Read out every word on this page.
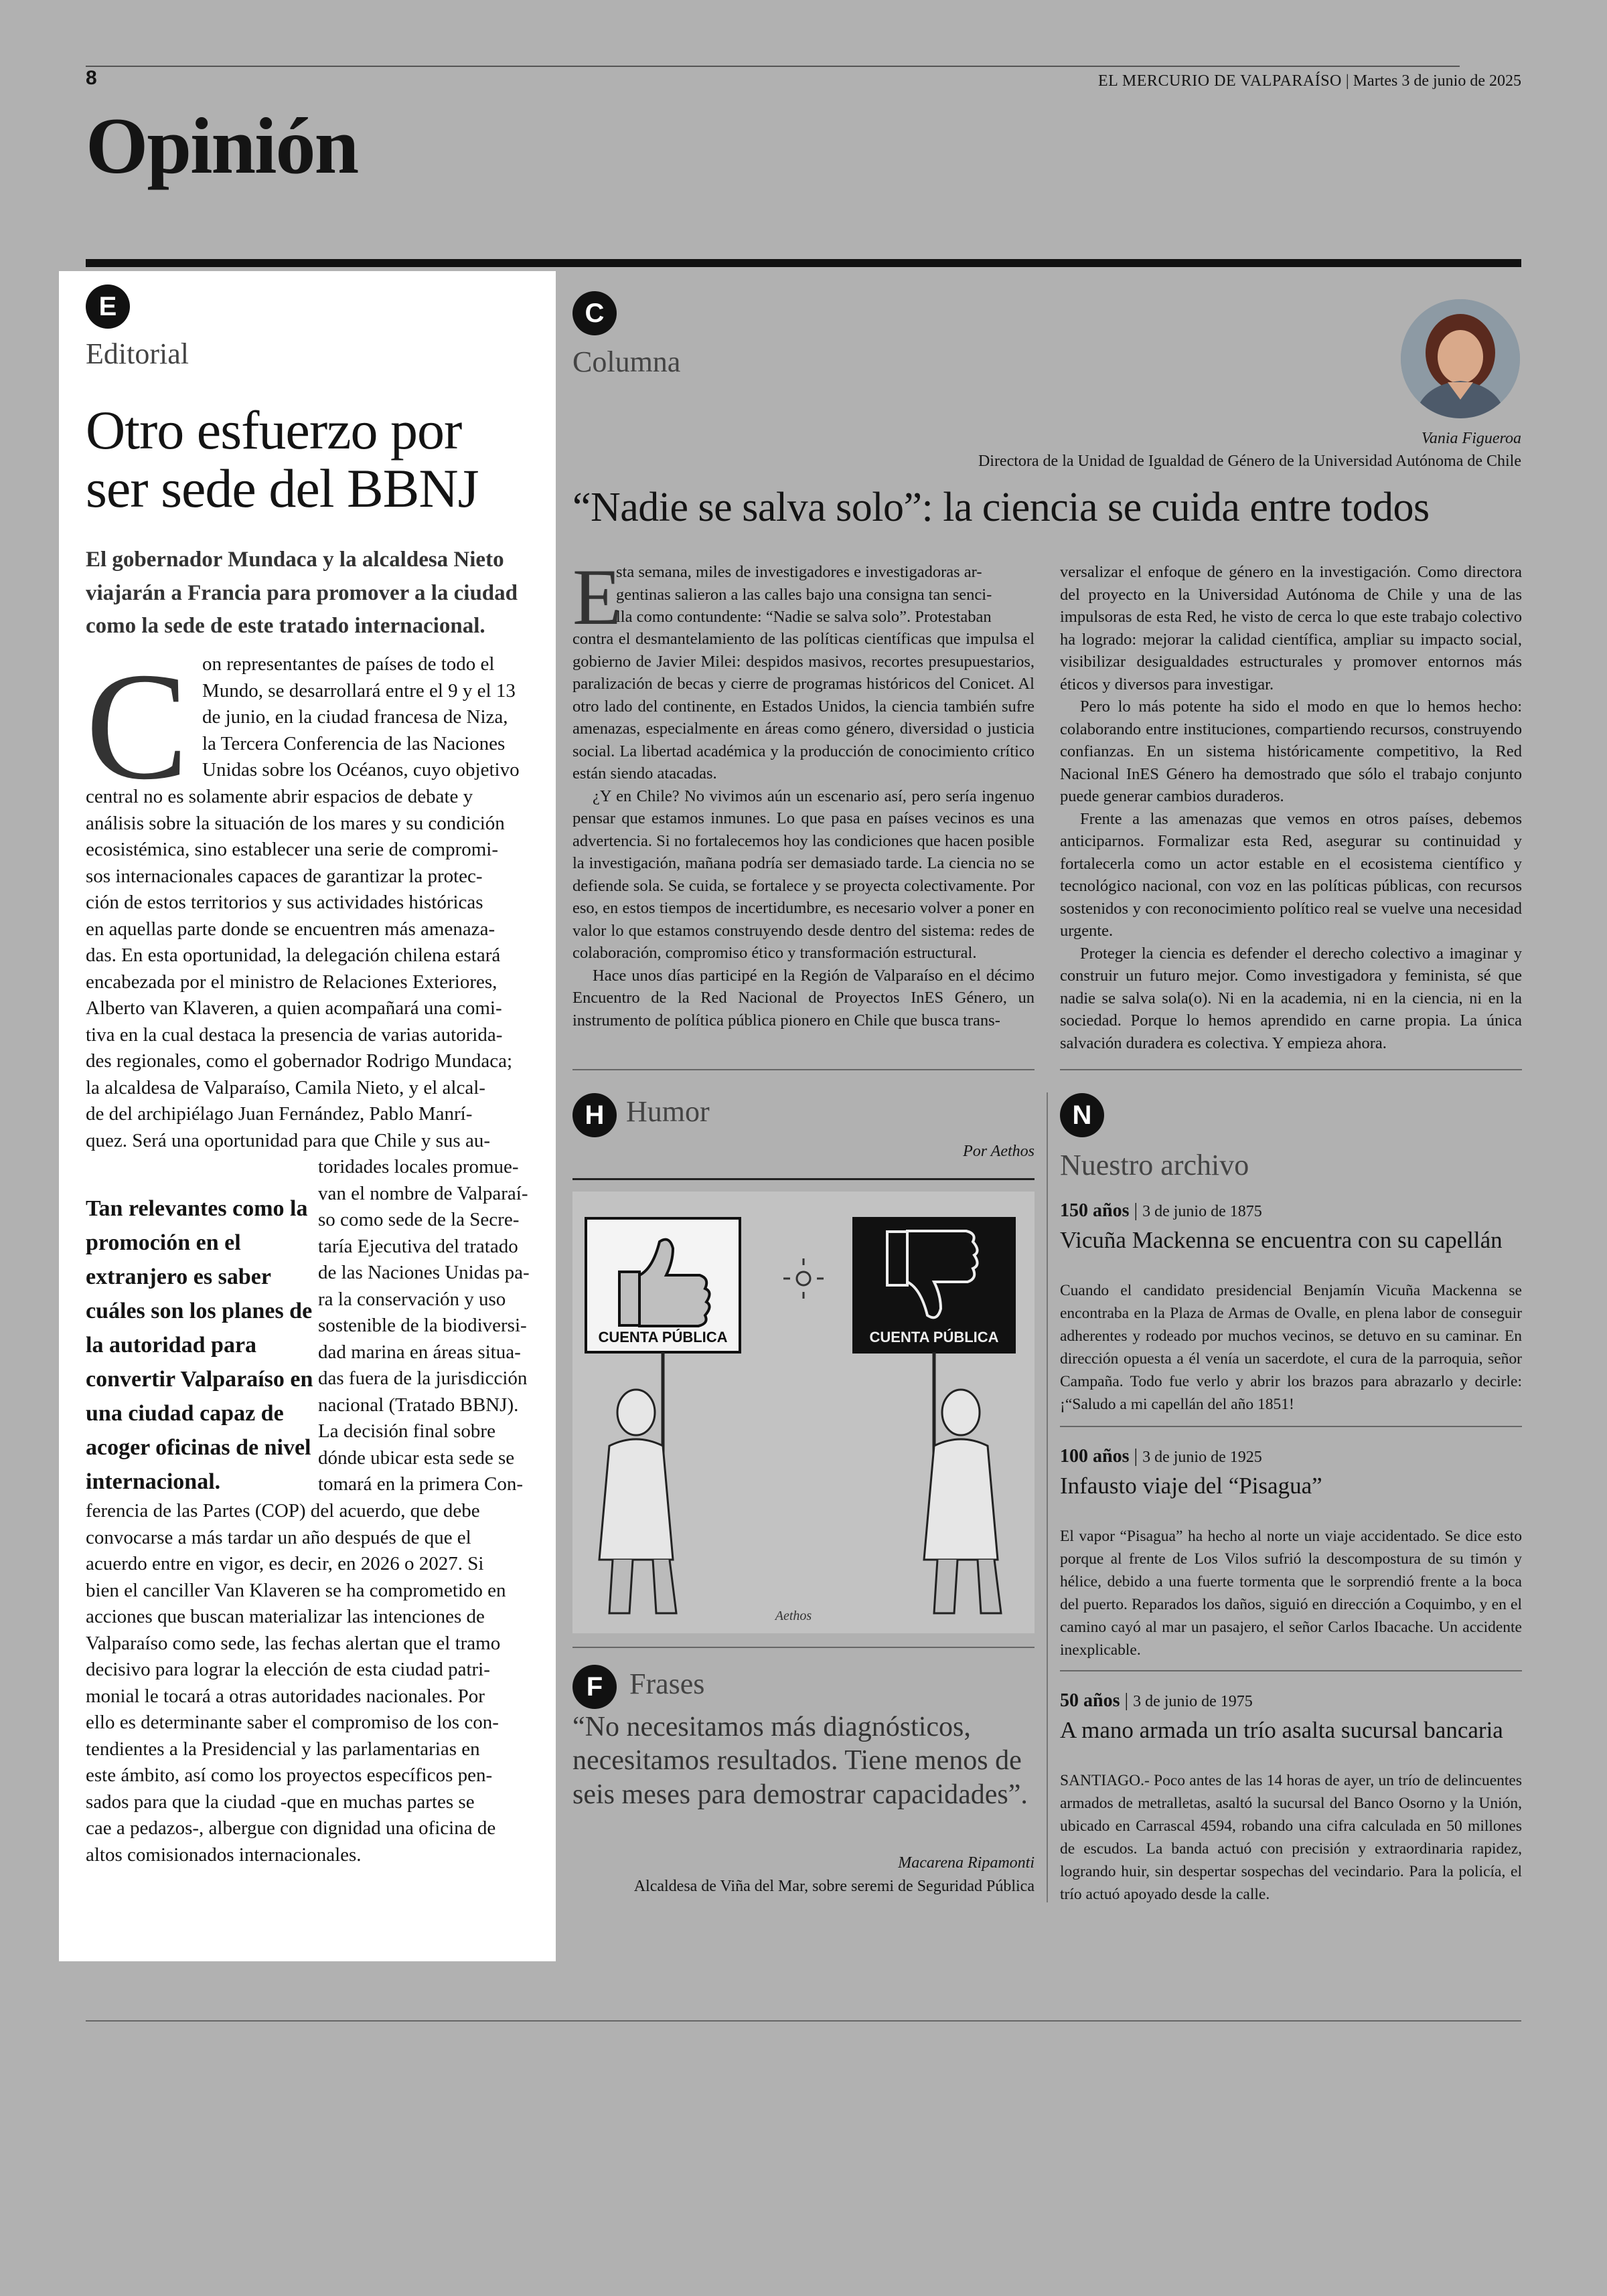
8	EL MERCURIO DE VALPARAÍSO | Martes 3 de junio de 2025
Opinión
E
Editorial
Otro esfuerzo por
ser sede del BBNJ
El gobernador Mundaca y la alcaldesa Nieto viajarán a Francia para promover a la ciudad como la sede de este tratado internacional.
C on representantes de países de todo el
Mundo, se desarrollará entre el 9 y el 13
de junio, en la ciudad francesa de Niza,
la Tercera Conferencia de las Naciones
Unidas sobre los Océanos, cuyo objetivo
central no es solamente abrir espacios de debate y
análisis sobre la situación de los mares y su condición
ecosistémica, sino establecer una serie de compromi-
sos internacionales capaces de garantizar la protec-
ción de estos territorios y sus actividades históricas
en aquellas parte donde se encuentren más amenaza-
das. En esta oportunidad, la delegación chilena estará
encabezada por el ministro de Relaciones Exteriores,
Alberto van Klaveren, a quien acompañará una comi-
tiva en la cual destaca la presencia de varias autorida-
des regionales, como el gobernador Rodrigo Mundaca;
la alcaldesa de Valparaíso, Camila Nieto, y el alcal-
de del archipiélago Juan Fernández, Pablo Manrí-
quez. Será una oportunidad para que Chile y sus au-
Tan relevantes como la promoción en el extranjero es saber cuáles son los planes de la autoridad para convertir Valparaíso en una ciudad capaz de acoger oficinas de nivel internacional.
toridades locales promue-
van el nombre de Valparaí-
so como sede de la Secre-
taría Ejecutiva del tratado
de las Naciones Unidas pa-
ra la conservación y uso
sostenible de la biodiversi-
dad marina en áreas situa-
das fuera de la jurisdicción
nacional (Tratado BBNJ).
La decisión final sobre
dónde ubicar esta sede se
tomará en la primera Con-
ferencia de las Partes (COP) del acuerdo, que debe
convocarse a más tardar un año después de que el
acuerdo entre en vigor, es decir, en 2026 o 2027. Si
bien el canciller Van Klaveren se ha comprometido en
acciones que buscan materializar las intenciones de
Valparaíso como sede, las fechas alertan que el tramo
decisivo para lograr la elección de esta ciudad patri-
monial le tocará a otras autoridades nacionales. Por
ello es determinante saber el compromiso de los con-
tendientes a la Presidencial y las parlamentarias en
este ámbito, así como los proyectos específicos pen-
sados para que la ciudad -que en muchas partes se
cae a pedazos-, albergue con dignidad una oficina de
altos comisionados internacionales.
C
Columna
Vania Figueroa
Directora de la Unidad de Igualdad de Género de la Universidad Autónoma de Chile
“Nadie se salva solo”: la ciencia se cuida entre todos
E
sta semana, miles de investigadores e investigadoras ar-
gentinas salieron a las calles bajo una consigna tan senci-
lla como contundente: “Nadie se salva solo”. Protestaban

contra el desmantelamiento de las políticas científicas que impulsa el gobierno de Javier Milei: despidos masivos, recortes presupuestarios, paralización de becas y cierre de programas históricos del Conicet. Al otro lado del continente, en Estados Unidos, la ciencia también sufre amenazas, especialmente en áreas como género, diversidad o justicia social. La libertad académica y la producción de conocimiento crítico están siendo atacadas.

¿Y en Chile? No vivimos aún un escenario así, pero sería ingenuo pensar que estamos inmunes. Lo que pasa en países vecinos es una advertencia. Si no fortalecemos hoy las condiciones que hacen posible la investigación, mañana podría ser demasiado tarde. La ciencia no se defiende sola. Se cuida, se fortalece y se proyecta colectivamente. Por eso, en estos tiempos de incertidumbre, es necesario volver a poner en valor lo que estamos construyendo desde dentro del sistema: redes de colaboración, compromiso ético y transformación estructural.

Hace unos días participé en la Región de Valparaíso en el décimo Encuentro de la Red Nacional de Proyectos InES Género, un instrumento de política pública pionero en Chile que busca trans-

versalizar el enfoque de género en la investigación. Como directora del proyecto en la Universidad Autónoma de Chile y una de las impulsoras de esta Red, he visto de cerca lo que este trabajo colectivo ha logrado: mejorar la calidad científica, ampliar su impacto social, visibilizar desigualdades estructurales y promover entornos más éticos y diversos para investigar.

Pero lo más potente ha sido el modo en que lo hemos hecho: colaborando entre instituciones, compartiendo recursos, construyendo confianzas. En un sistema históricamente competitivo, la Red Nacional InES Género ha demostrado que sólo el trabajo conjunto puede generar cambios duraderos.

Frente a las amenazas que vemos en otros países, debemos anticiparnos. Formalizar esta Red, asegurar su continuidad y fortalecerla como un actor estable en el ecosistema científico y tecnológico nacional, con voz en las políticas públicas, con recursos sostenidos y con reconocimiento político real se vuelve una necesidad urgente.

Proteger la ciencia es defender el derecho colectivo a imaginar y construir un futuro mejor. Como investigadora y feminista, sé que nadie se salva sola(o). Ni en la academia, ni en la ciencia, ni en la sociedad. Porque lo hemos aprendido en carne propia. La única salvación duradera es colectiva. Y empieza ahora.

H Humor
Por Aethos
CUENTA PÚBLICA	CUENTA PÚBLICA
Aethos
F Frases
“No necesitamos más diagnósticos, necesitamos resultados. Tiene menos de seis meses para demostrar capacidades”.
Macarena Ripamonti
Alcaldesa de Viña del Mar, sobre seremi de Seguridad Pública
N
Nuestro archivo
150 años | 3 de junio de 1875
Vicuña Mackenna se encuentra con su capellán
Cuando el candidato presidencial Benjamín Vicuña Mackenna se encontraba en la Plaza de Armas de Ovalle, en plena labor de conseguir adherentes y rodeado por muchos vecinos, se detuvo en su caminar. En dirección opuesta a él venía un sacerdote, el cura de la parroquia, señor Campaña. Todo fue verlo y abrir los brazos para abrazarlo y decirle: ¡“Saludo a mi capellán del año 1851!
100 años | 3 de junio de 1925
Infausto viaje del “Pisagua”
El vapor “Pisagua” ha hecho al norte un viaje accidentado. Se dice esto porque al frente de Los Vilos sufrió la descompostura de su timón y hélice, debido a una fuerte tormenta que le sorprendió frente a la boca del puerto. Reparados los daños, siguió en dirección a Coquimbo, y en el camino cayó al mar un pasajero, el señor Carlos Ibacache. Un accidente inexplicable.
50 años | 3 de junio de 1975
A mano armada un trío asalta sucursal bancaria
SANTIAGO.- Poco antes de las 14 horas de ayer, un trío de delincuentes armados de metralletas, asaltó la sucursal del Banco Osorno y la Unión, ubicado en Carrascal 4594, robando una cifra calculada en 50 millones de escudos. La banda actuó con precisión y extraordinaria rapidez, logrando huir, sin despertar sospechas del vecindario. Para la policía, el trío actuó apoyado desde la calle.
